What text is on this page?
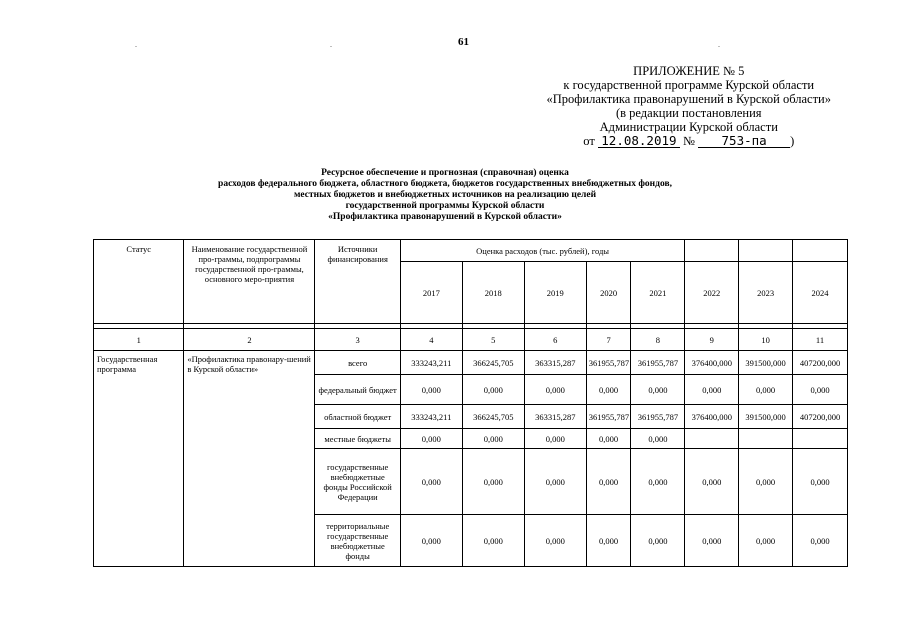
61
.	.	.
ПРИЛОЖЕНИЕ № 5
к государственной программе Курской области
«Профилактика правонарушений в Курской области»
(в редакции постановления
Администрации Курской области
от 12.08.2019 № 753-па )
Ресурсное обеспечение и прогнозная (справочная) оценка
расходов федерального бюджета, областного бюджета, бюджетов государственных внебюджетных фондов,
местных бюджетов и внебюджетных источников на реализацию целей
государственной программы Курской области
«Профилактика правонарушений в Курской области»
Статус	Наименование государственной про-граммы, подпрограммы государственной про-граммы, основного меро-приятия	Источники финансирования	Оценка расходов (тыс. рублей), годы							
			2017	2018	2019	2020	2021	2022	2023	2024

1	2	3	4	5	6	7	8	9	10	11
Государственная программа	«Профилактика правонару-шений в Курской области»	всего	333243,211	366245,705	363315,287	361955,787	361955,787	376400,000	391500,000	407200,000
		федеральный бюджет	0,000	0,000	0,000	0,000	0,000	0,000	0,000	0,000
		областной бюджет	333243,211	366245,705	363315,287	361955,787	361955,787	376400,000	391500,000	407200,000
		местные бюджеты	0,000	0,000	0,000	0,000	0,000			
		государственные внебюджетные фонды Российской Федерации	0,000	0,000	0,000	0,000	0,000	0,000	0,000	0,000
		территориальные государственные внебюджетные фонды	0,000	0,000	0,000	0,000	0,000	0,000	0,000	0,000
